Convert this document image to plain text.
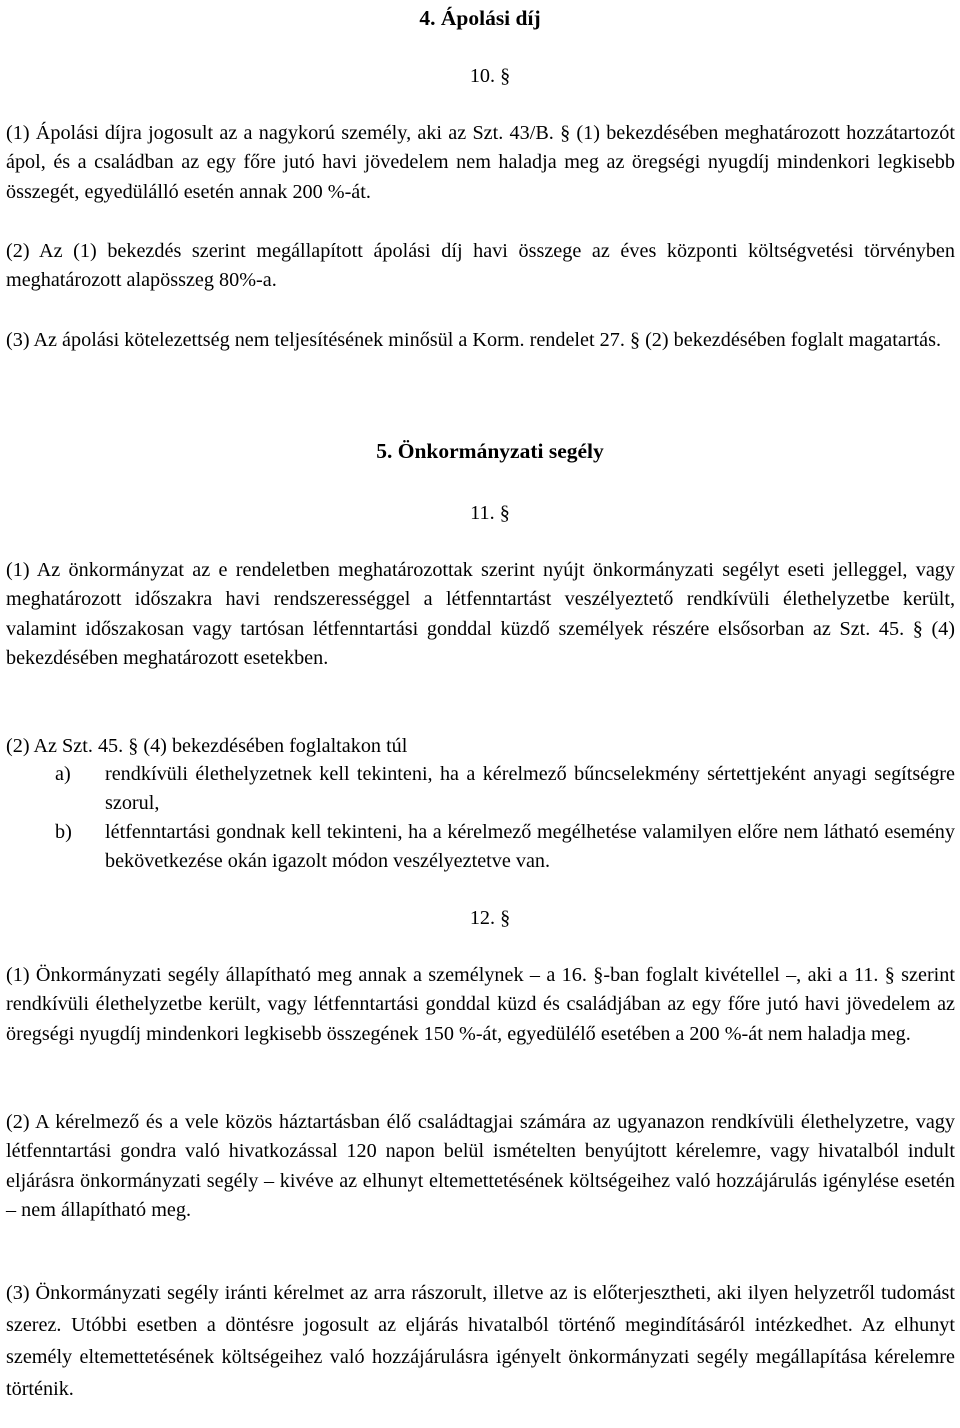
4. Ápolási díj

10. §

(1) Ápolási díjra jogosult az a nagykorú személy, aki az Szt. 43/B. § (1) bekezdésében meghatározott hozzátartozót ápol, és a családban az egy főre jutó havi jövedelem nem haladja meg az öregségi nyugdíj mindenkori legkisebb összegét, egyedülálló esetén annak 200 %-át.

(2) Az (1) bekezdés szerint megállapított ápolási díj havi összege az éves központi költségvetési törvényben meghatározott alapösszeg 80%-a.

(3) Az ápolási kötelezettség nem teljesítésének minősül a Korm. rendelet 27. § (2) bekezdésében foglalt magatartás.

5. Önkormányzati segély

11. §

(1) Az önkormányzat az e rendeletben meghatározottak szerint nyújt önkormányzati segélyt eseti jelleggel, vagy meghatározott időszakra havi rendszerességgel a létfenntartást veszélyeztető rendkívüli élethelyzetbe került, valamint időszakosan vagy tartósan létfenntartási gonddal küzdő személyek részére elsősorban az Szt. 45. § (4) bekezdésében meghatározott esetekben.

(2) Az Szt. 45. § (4) bekezdésében foglaltakon túl

a) rendkívüli élethelyzetnek kell tekinteni, ha a kérelmező bűncselekmény sértettjeként anyagi segítségre szorul,

b) létfenntartási gondnak kell tekinteni, ha a kérelmező megélhetése valamilyen előre nem látható esemény bekövetkezése okán igazolt módon veszélyeztetve van.

12. §

(1) Önkormányzati segély állapítható meg annak a személynek – a 16. §-ban foglalt kivétellel –, aki a 11. § szerint rendkívüli élethelyzetbe került, vagy létfenntartási gonddal küzd és családjában az egy főre jutó havi jövedelem az öregségi nyugdíj mindenkori legkisebb összegének 150 %-át, egyedülélő esetében a 200 %-át nem haladja meg.

(2) A kérelmező és a vele közös háztartásban élő családtagjai számára az ugyanazon rendkívüli élethelyzetre, vagy létfenntartási gondra való hivatkozással 120 napon belül ismételten benyújtott kérelemre, vagy hivatalból indult eljárásra önkormányzati segély – kivéve az elhunyt eltemettetésének költségeihez való hozzájárulás igénylése esetén – nem állapítható meg.

(3) Önkormányzati segély iránti kérelmet az arra rászorult, illetve az is előterjesztheti, aki ilyen helyzetről tudomást szerez. Utóbbi esetben a döntésre jogosult az eljárás hivatalból történő megindításáról intézkedhet. Az elhunyt személy eltemettetésének költségeihez való hozzájárulásra igényelt önkormányzati segély megállapítása kérelemre történik.
